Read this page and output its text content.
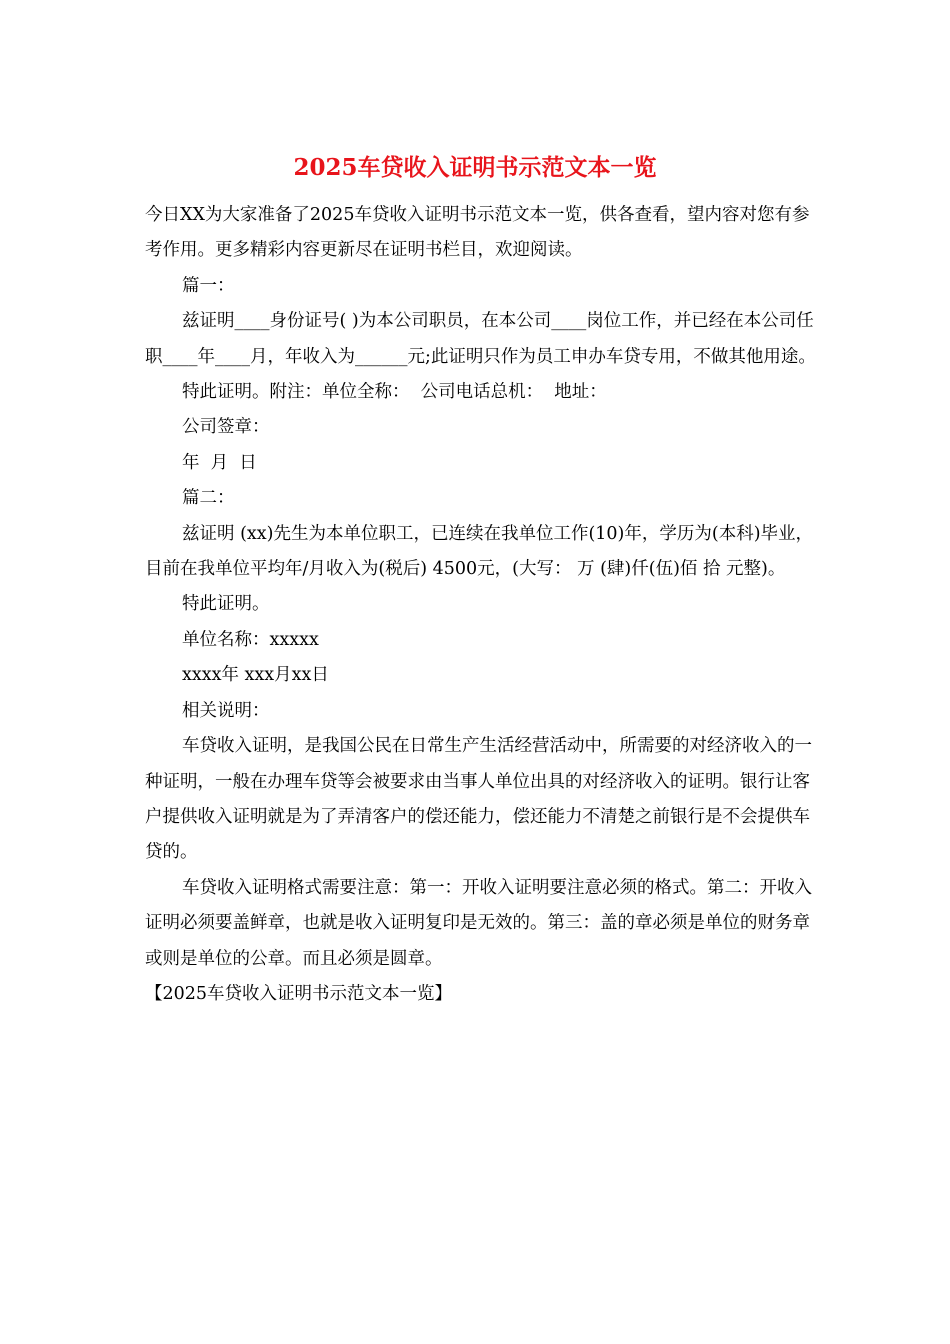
2025车贷收入证明书示范文本一览

今日XX为大家准备了2025车贷收入证明书示范文本一览，供各查看，望内容对您有参考作用。更多精彩内容更新尽在证明书栏目，欢迎阅读。

篇一：

兹证明____身份证号( )为本公司职员，在本公司____岗位工作，并已经在本公司任职____年____月，年收入为______元;此证明只作为员工申办车贷专用，不做其他用途。

特此证明。附注：单位全称：  公司电话总机：  地址：

公司签章：

年  月  日

篇二：

兹证明 (xx)先生为本单位职工，已连续在我单位工作(10)年，学历为(本科)毕业，目前在我单位平均年/月收入为(税后) 4500元，(大写： 万 (肆)仟(伍)佰 拾 元整)。

特此证明。

单位名称：xxxxx

xxxx年 xxx月xx日

相关说明：

车贷收入证明，是我国公民在日常生产生活经营活动中，所需要的对经济收入的一种证明，一般在办理车贷等会被要求由当事人单位出具的对经济收入的证明。银行让客户提供收入证明就是为了弄清客户的偿还能力，偿还能力不清楚之前银行是不会提供车贷的。

车贷收入证明格式需要注意：第一：开收入证明要注意必须的格式。第二：开收入证明必须要盖鲜章，也就是收入证明复印是无效的。第三：盖的章必须是单位的财务章或则是单位的公章。而且必须是圆章。

【2025车贷收入证明书示范文本一览】
